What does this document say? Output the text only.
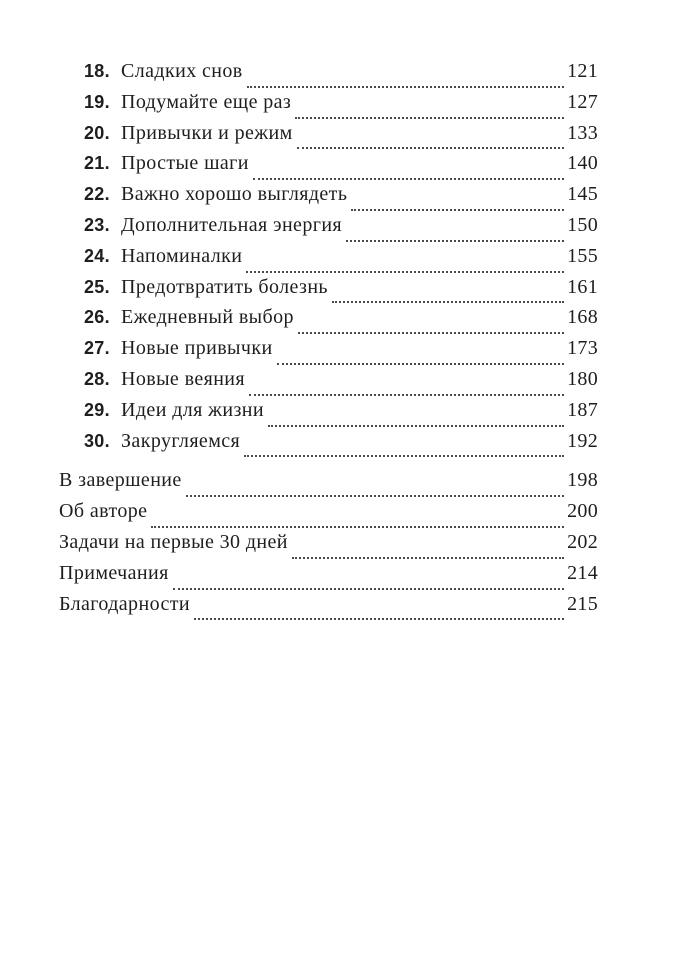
18. Сладких снов	121
19. Подумайте еще раз	127
20. Привычки и режим	133
21. Простые шаги	140
22. Важно хорошо выглядеть	145
23. Дополнительная энергия	150
24. Напоминалки	155
25. Предотвратить болезнь	161
26. Ежедневный выбор	168
27. Новые привычки	173
28. Новые веяния	180
29. Идеи для жизни	187
30. Закругляемся	192
В завершение	198
Об авторе	200
Задачи на первые 30 дней	202
Примечания	214
Благодарности	215
